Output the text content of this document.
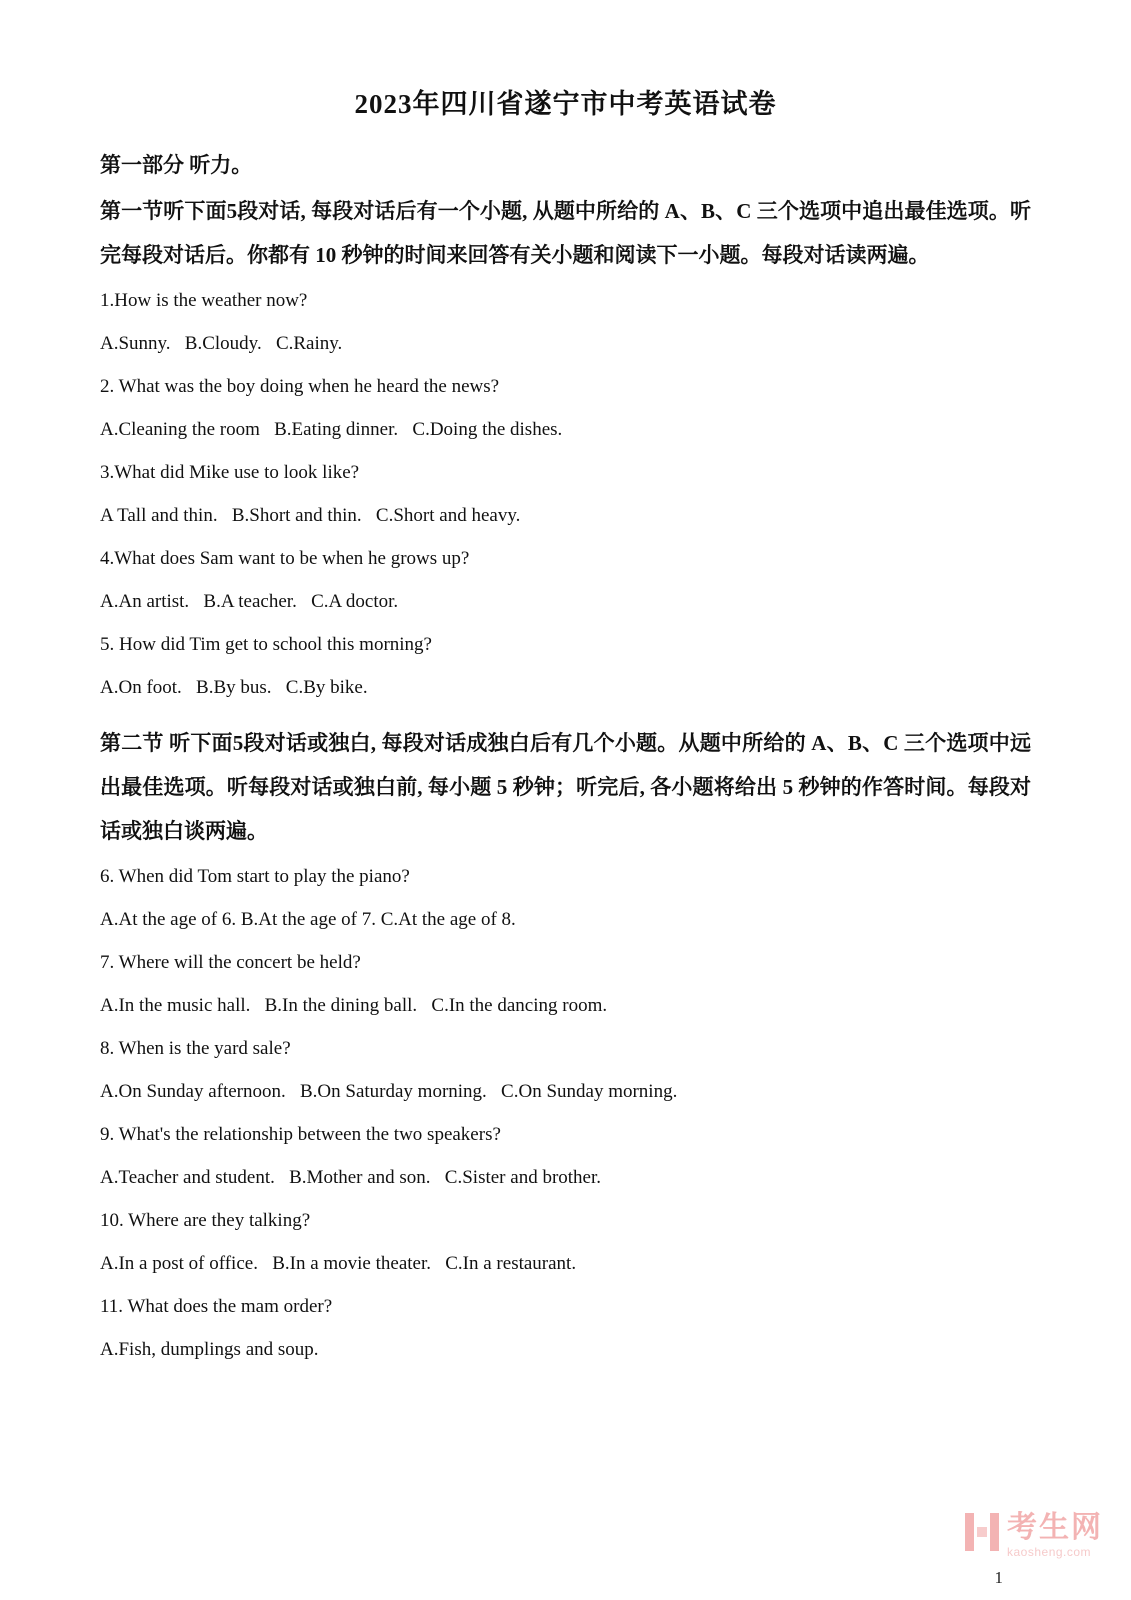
2023年四川省遂宁市中考英语试卷
第一部分 听力。

第一节听下面5段对话, 每段对话后有一个小题, 从题中所给的 A、B、C 三个选项中追出最佳选项。听完每段对话后。你都有 10 秒钟的时间来回答有关小题和阅读下一小题。每段对话读两遍。

1.How is the weather now?

A.Sunny.   B.Cloudy.   C.Rainy.

2. What was the boy doing when he heard the news?

A.Cleaning the room   B.Eating dinner.   C.Doing the dishes.

3.What did Mike use to look like?

A Tall and thin.   B.Short and thin.   C.Short and heavy.

4.What does Sam want to be when he grows up?

A.An artist.   B.A teacher.   C.A doctor.

5. How did Tim get to school this morning?

A.On foot.   B.By bus.   C.By bike.

第二节 听下面5段对话或独白, 每段对话成独白后有几个小题。从题中所给的 A、B、C 三个选项中远出最佳选项。听每段对话或独白前, 每小题 5 秒钟；听完后, 各小题将给出 5 秒钟的作答时间。每段对话或独白谈两遍。

6. When did Tom start to play the piano?

A.At the age of 6. B.At the age of 7. C.At the age of 8.

7. Where will the concert be held?

A.In the music hall.   B.In the dining ball.   C.In the dancing room.

8. When is the yard sale?

A.On Sunday afternoon.   B.On Saturday morning.   C.On Sunday morning.

9. What's the relationship between the two speakers?

A.Teacher and student.   B.Mother and son.   C.Sister and brother.

10. Where are they talking?

A.In a post of office.   B.In a movie theater.   C.In a restaurant.

11. What does the mam order?

A.Fish, dumplings and soup.

考生网
kaosheng.com
1
